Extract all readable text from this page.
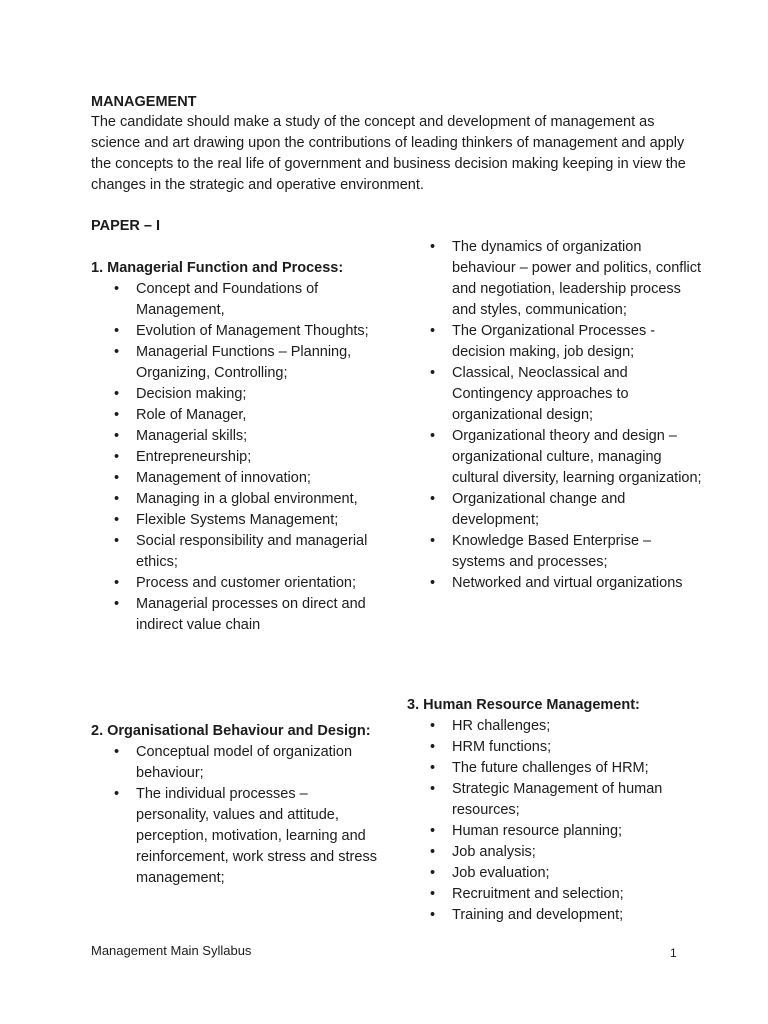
MANAGEMENT
The candidate should make a study of the concept and development of management as science and art drawing upon the contributions of leading thinkers of management and apply the concepts to the real life of government and business decision making keeping in view the changes in the strategic and operative environment.
PAPER – I

1. Managerial Function and Process:

• Concept and Foundations of Management,
• Evolution of Management Thoughts;
• Managerial Functions – Planning, Organizing, Controlling;
• Decision making;
• Role of Manager,
• Managerial skills;
• Entrepreneurship;
• Management of innovation;
• Managing in a global environment,
• Flexible Systems Management;
• Social responsibility and managerial ethics;
• Process and customer orientation;
• Managerial processes on direct and indirect value chain

2. Organisational Behaviour and Design:

• Conceptual model of organization behaviour;
• The individual processes – personality, values and attitude, perception, motivation, learning and reinforcement, work stress and stress management;
• The dynamics of organization behaviour – power and politics, conflict and negotiation, leadership process and styles, communication;
• The Organizational Processes - decision making, job design;
• Classical, Neoclassical and Contingency approaches to organizational design;
• Organizational theory and design – organizational culture, managing cultural diversity, learning organization;
• Organizational change and development;
• Knowledge Based Enterprise – systems and processes;
• Networked and virtual organizations

3. Human Resource Management:

• HR challenges;
• HRM functions;
• The future challenges of HRM;
• Strategic Management of human resources;
• Human resource planning;
• Job analysis;
• Job evaluation;
• Recruitment and selection;
• Training and development;
Management Main Syllabus	1
